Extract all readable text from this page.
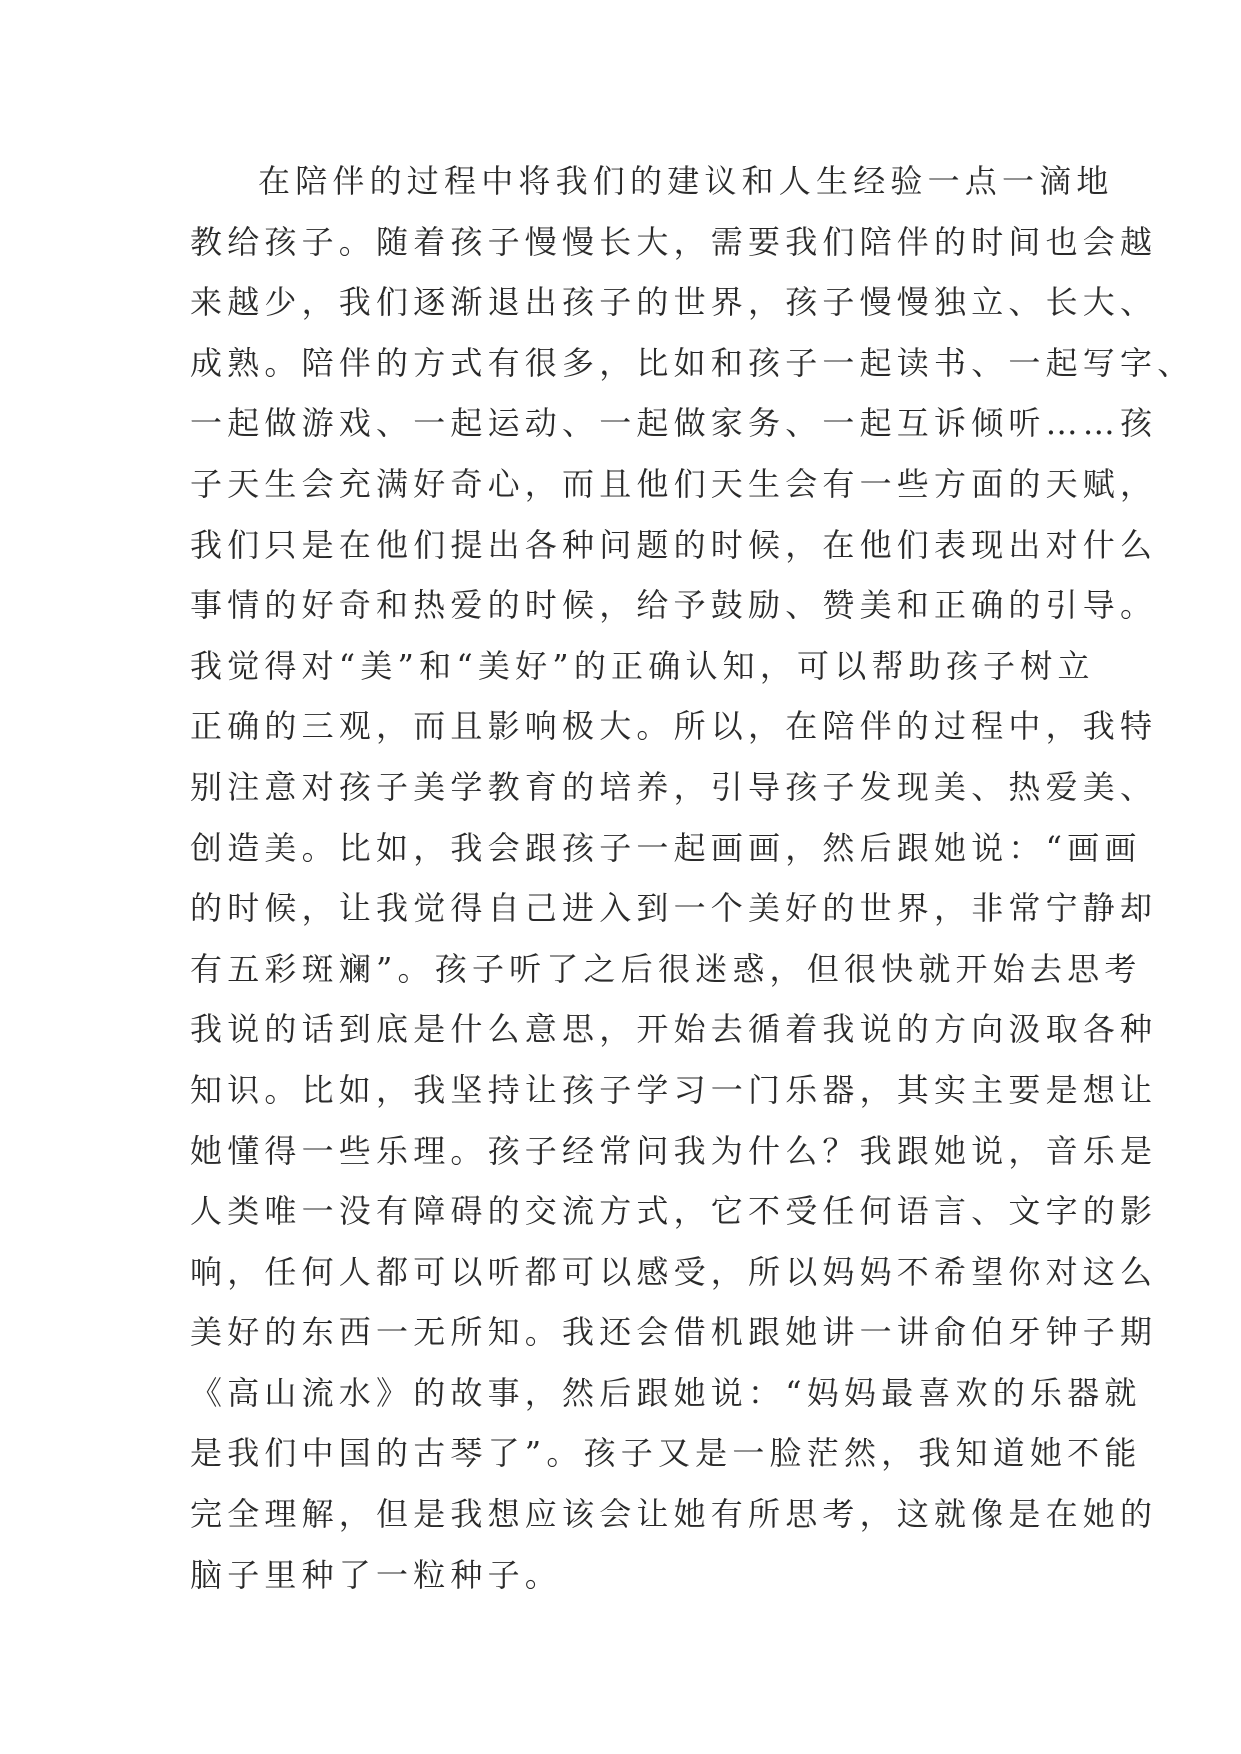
在陪伴的过程中将我们的建议和人生经验一点一滴地
教给孩子。随着孩子慢慢长大，需要我们陪伴的时间也会越
来越少，我们逐渐退出孩子的世界，孩子慢慢独立、长大、
成熟。陪伴的方式有很多，比如和孩子一起读书、一起写字、
一起做游戏、一起运动、一起做家务、一起互诉倾听……孩
子天生会充满好奇心，而且他们天生会有一些方面的天赋，
我们只是在他们提出各种问题的时候，在他们表现出对什么
事情的好奇和热爱的时候，给予鼓励、赞美和正确的引导。
我觉得对“美”和“美好”的正确认知，可以帮助孩子树立
正确的三观，而且影响极大。所以，在陪伴的过程中，我特
别注意对孩子美学教育的培养，引导孩子发现美、热爱美、
创造美。比如，我会跟孩子一起画画，然后跟她说：“画画
的时候，让我觉得自己进入到一个美好的世界，非常宁静却
有五彩斑斓”。孩子听了之后很迷惑，但很快就开始去思考
我说的话到底是什么意思，开始去循着我说的方向汲取各种
知识。比如，我坚持让孩子学习一门乐器，其实主要是想让
她懂得一些乐理。孩子经常问我为什么？我跟她说，音乐是
人类唯一没有障碍的交流方式，它不受任何语言、文字的影
响，任何人都可以听都可以感受，所以妈妈不希望你对这么
美好的东西一无所知。我还会借机跟她讲一讲俞伯牙钟子期
《高山流水》的故事，然后跟她说：“妈妈最喜欢的乐器就
是我们中国的古琴了”。孩子又是一脸茫然，我知道她不能
完全理解，但是我想应该会让她有所思考，这就像是在她的
脑子里种了一粒种子。
